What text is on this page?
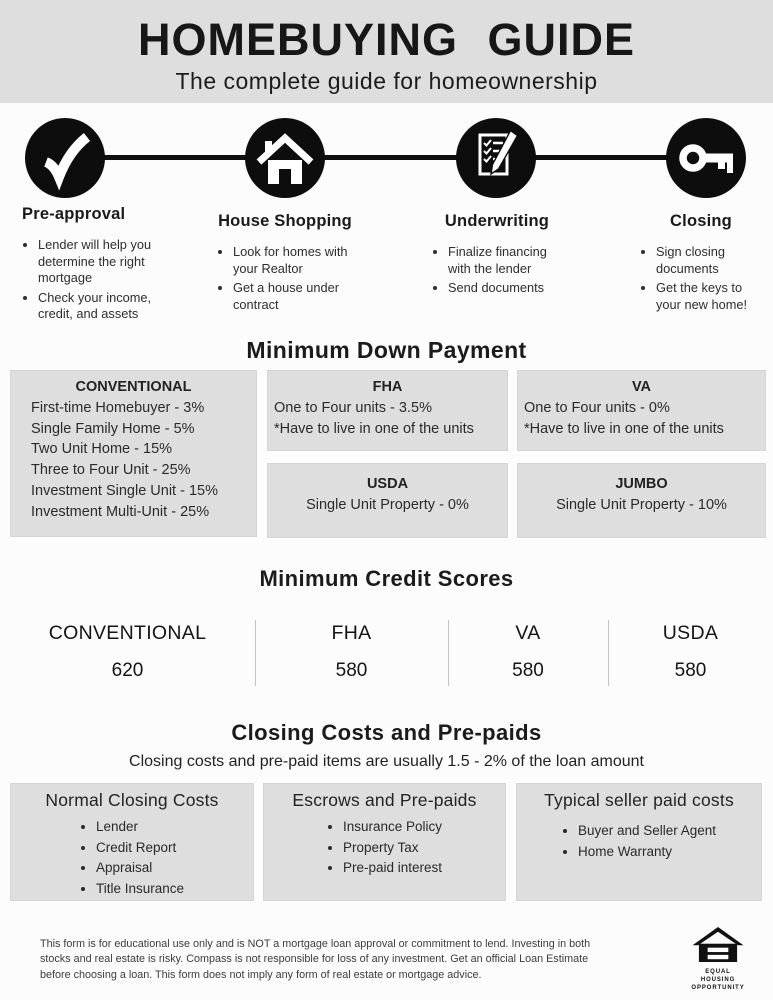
HOMEBUYING GUIDE
The complete guide for homeownership
Pre-approval
• Lender will help you determine the right mortgage
• Check your income, credit, and assets
House Shopping
• Look for homes with your Realtor
• Get a house under contract
Underwriting
• Finalize financing with the lender
• Send documents
Closing
• Sign closing documents
• Get the keys to your new home!
Minimum Down Payment
CONVENTIONAL
First-time Homebuyer - 3%
Single Family Home - 5%
Two Unit Home - 15%
Three to Four Unit - 25%
Investment Single Unit - 15%
Investment Multi-Unit - 25%
FHA
One to Four units - 3.5%
*Have to live in one of the units
VA
One to Four units - 0%
*Have to live in one of the units
USDA
Single Unit Property - 0%
JUMBO
Single Unit Property - 10%
Minimum Credit Scores
CONVENTIONAL
620
FHA
580
VA
580
USDA
580
Closing Costs and Pre-paids
Closing costs and pre-paid items are usually 1.5 - 2% of the loan amount
Normal Closing Costs
• Lender
• Credit Report
• Appraisal
• Title Insurance
Escrows and Pre-paids
• Insurance Policy
• Property Tax
• Pre-paid interest
Typical seller paid costs
• Buyer and Seller Agent
• Home Warranty
This form is for educational use only and is NOT a mortgage loan approval or commitment to lend. Investing in both stocks and real estate is risky. Compass is not responsible for loss of any investment. Get an official Loan Estimate before choosing a loan. This form does not imply any form of real estate or mortgage advice.	EQUAL HOUSING
OPPORTUNITY
